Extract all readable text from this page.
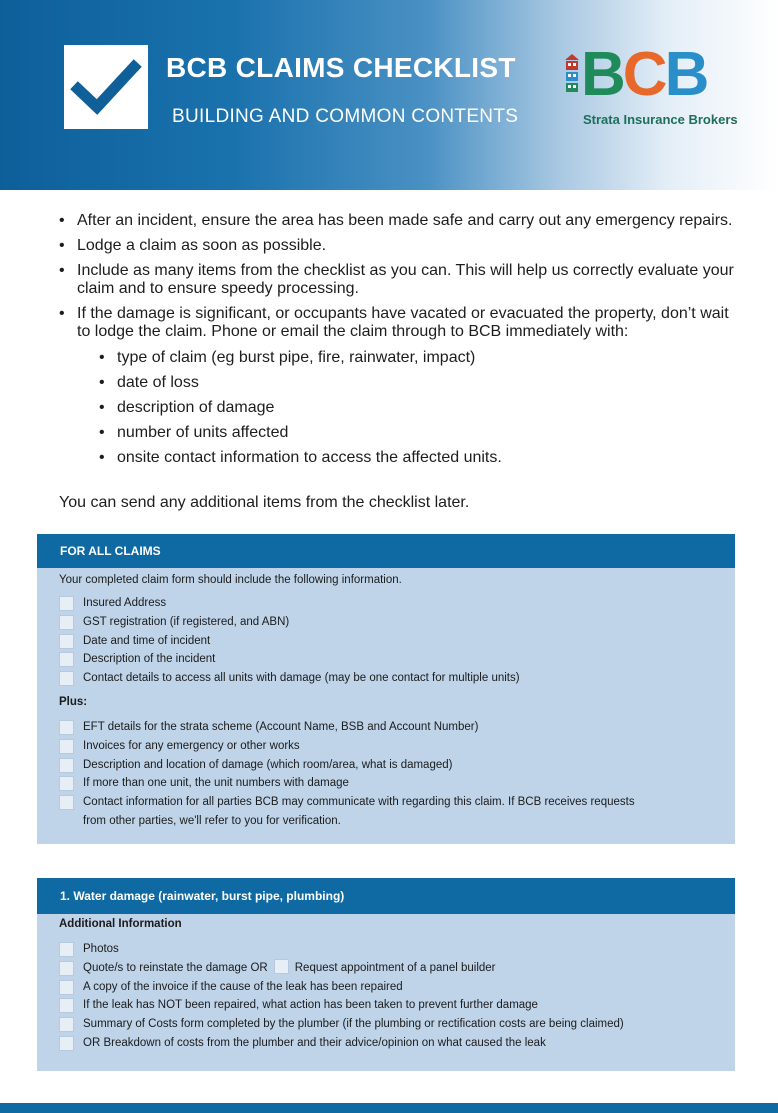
BCB CLAIMS CHECKLIST
BUILDING AND COMMON CONTENTS
BCB
Strata Insurance Brokers
• After an incident, ensure the area has been made safe and carry out any emergency repairs.
• Lodge a claim as soon as possible.
• Include as many items from the checklist as you can. This will help us correctly evaluate your claim and to ensure speedy processing.
• If the damage is significant, or occupants have vacated or evacuated the property, don’t wait to lodge the claim. Phone or email the claim through to BCB immediately with:
• type of claim (eg burst pipe, fire, rainwater, impact)
• date of loss
• description of damage
• number of units affected
• onsite contact information to access the affected units.
You can send any additional items from the checklist later.
FOR ALL CLAIMS
Your completed claim form should include the following information.
Insured Address
GST registration (if registered, and ABN)
Date and time of incident
Description of the incident
Contact details to access all units with damage (may be one contact for multiple units)
Plus:
EFT details for the strata scheme (Account Name, BSB and Account Number)
Invoices for any emergency or other works
Description and location of damage (which room/area, what is damaged)
If more than one unit, the unit numbers with damage
Contact information for all parties BCB may communicate with regarding this claim. If BCB receives requests from other parties, we'll refer to you for verification.
1. Water damage (rainwater, burst pipe, plumbing)
Additional Information
Photos
Quote/s to reinstate the damage OR Request appointment of a panel builder
A copy of the invoice if the cause of the leak has been repaired
If the leak has NOT been repaired, what action has been taken to prevent further damage
Summary of Costs form completed by the plumber (if the plumbing or rectification costs are being claimed)
OR Breakdown of costs from the plumber and their advice/opinion on what caused the leak
